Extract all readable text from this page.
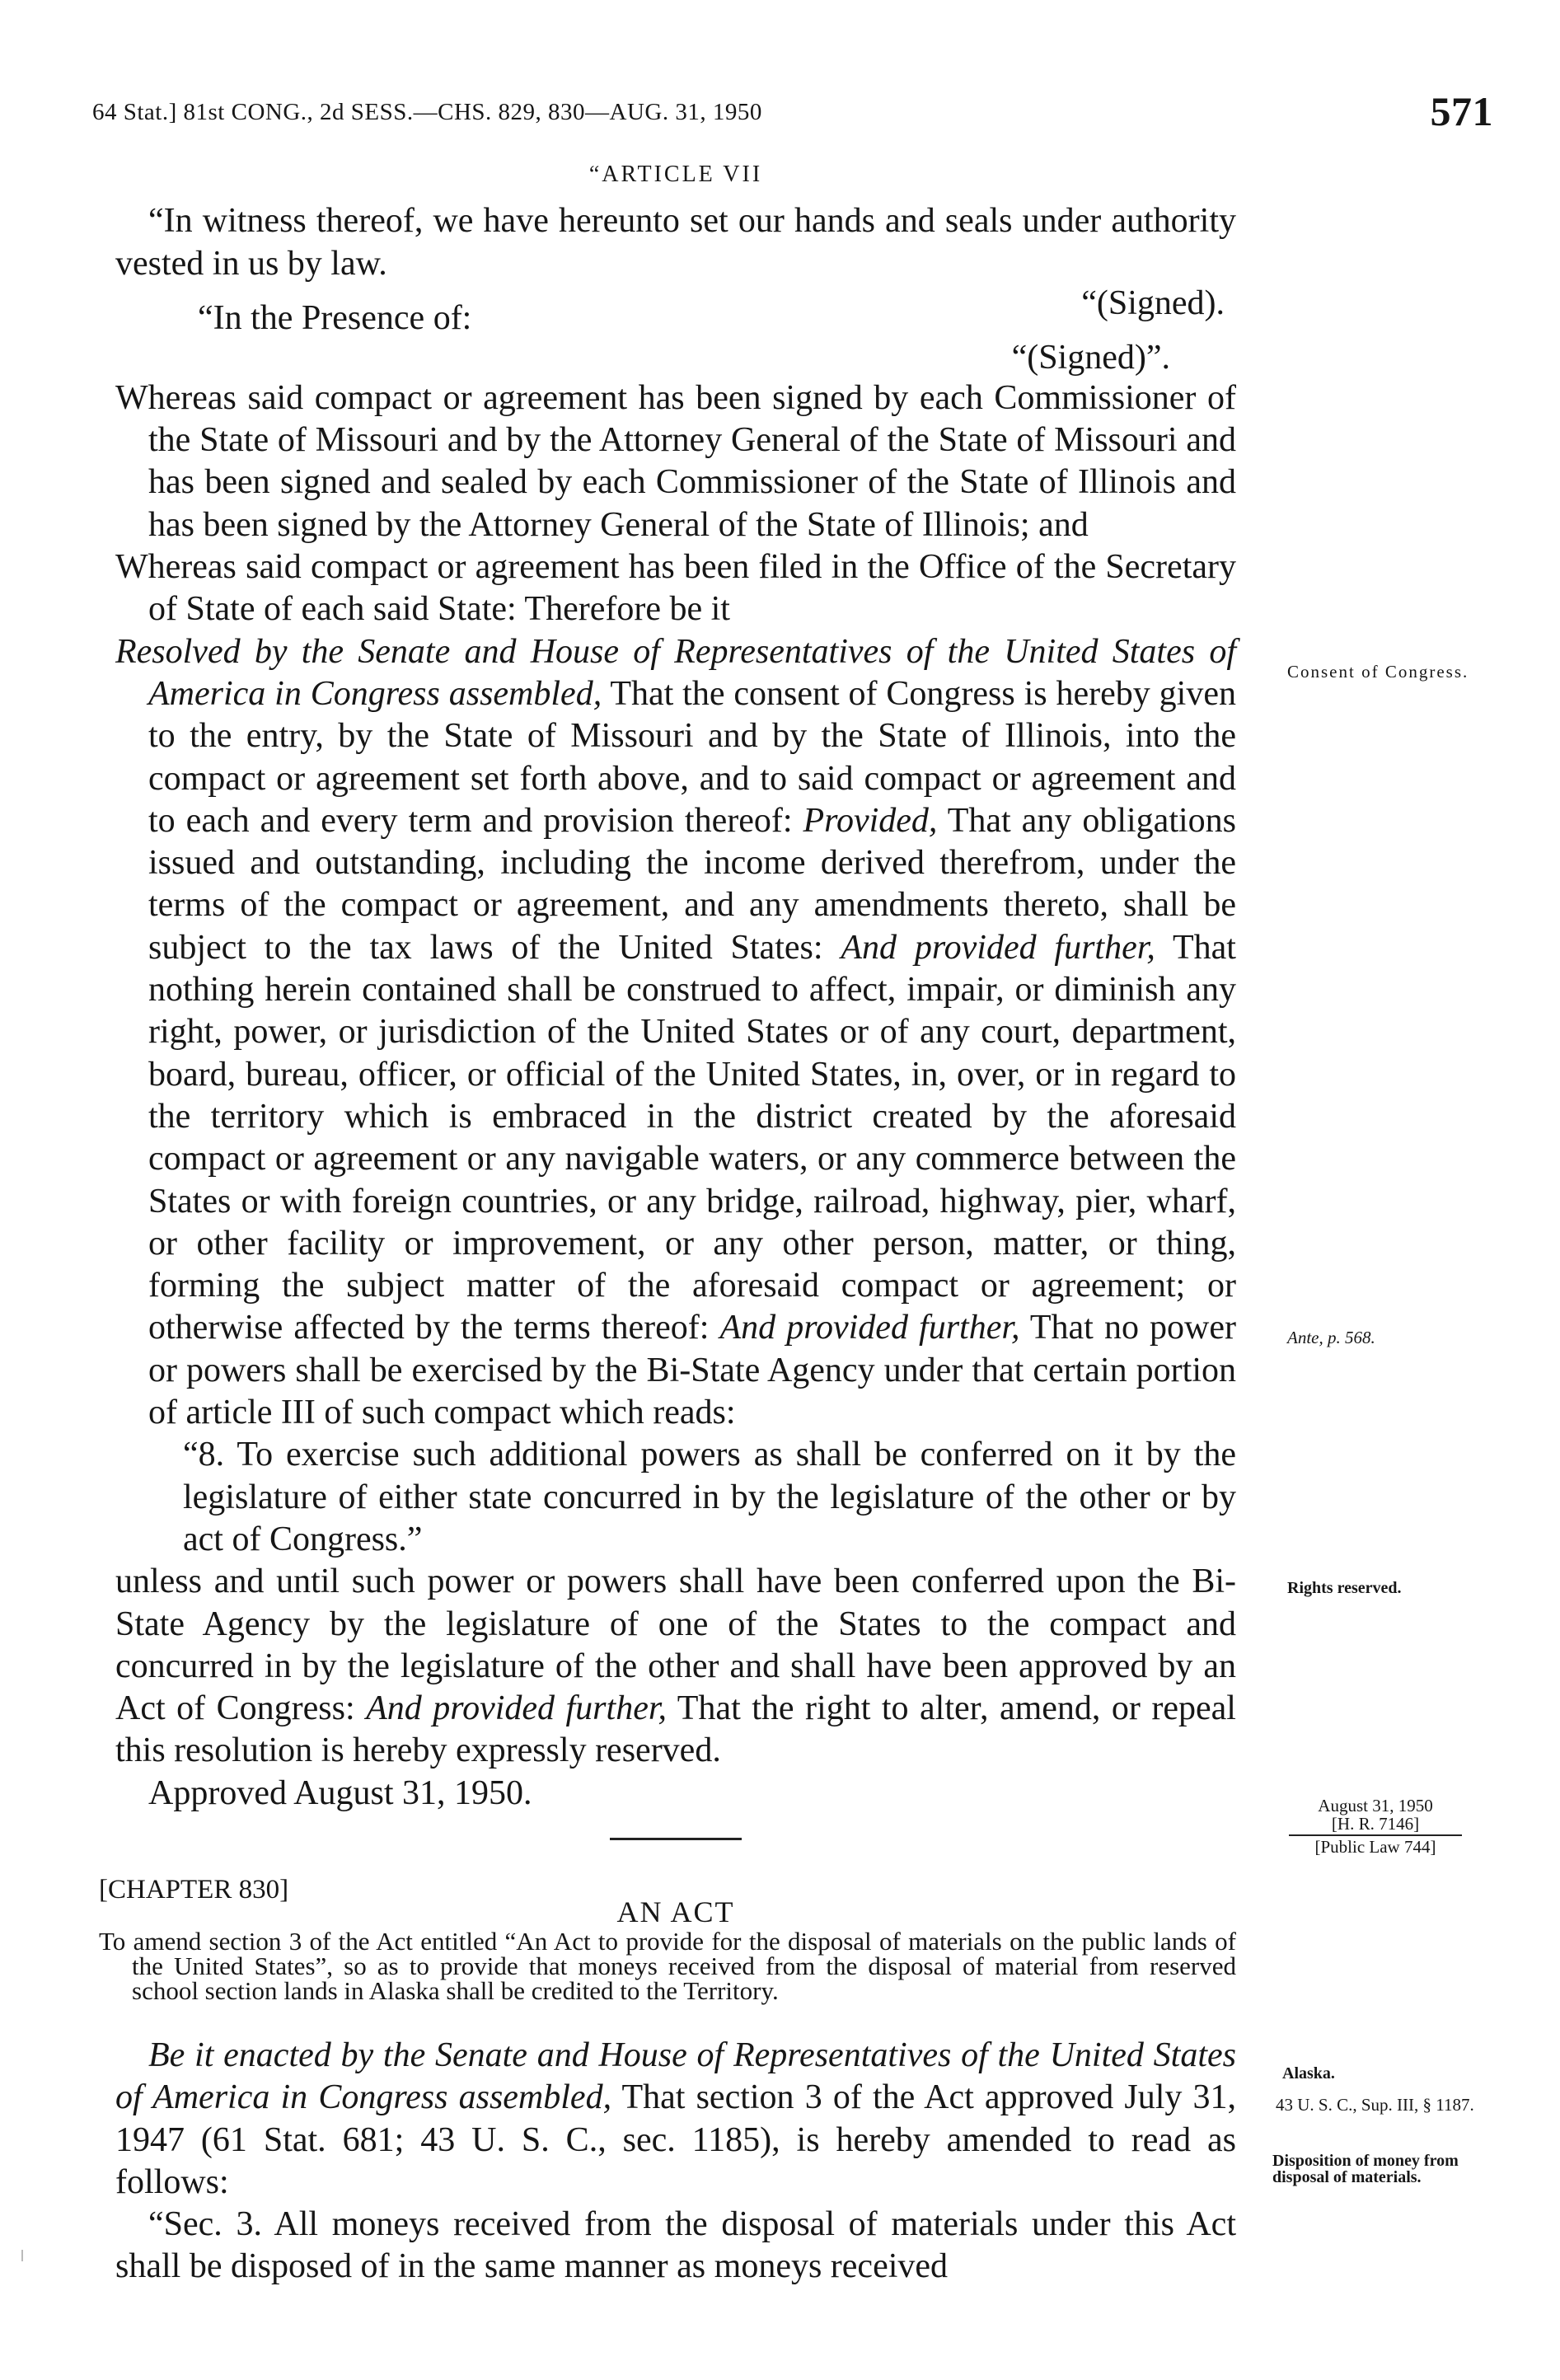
64 Stat.] 81st CONG., 2d SESS.—CHS. 829, 830—AUG. 31, 1950	571
“ARTICLE VII
“In witness thereof, we have hereunto set our hands and seals under authority vested in us by law.
“(Signed).
“In the Presence of:
“(Signed)”.
Whereas said compact or agreement has been signed by each Commissioner of the State of Missouri and by the Attorney General of the State of Missouri and has been signed and sealed by each Commissioner of the State of Illinois and has been signed by the Attorney General of the State of Illinois; and
Whereas said compact or agreement has been filed in the Office of the Secretary of State of each said State: Therefore be it
Resolved by the Senate and House of Representatives of the United States of America in Congress assembled, That the consent of Congress is hereby given to the entry, by the State of Missouri and by the State of Illinois, into the compact or agreement set forth above, and to said compact or agreement and to each and every term and provision thereof: Provided, That any obligations issued and outstanding, including the income derived therefrom, under the terms of the compact or agreement, and any amendments thereto, shall be subject to the tax laws of the United States: And provided further, That nothing herein contained shall be construed to affect, impair, or diminish any right, power, or jurisdiction of the United States or of any court, department, board, bureau, officer, or official of the United States, in, over, or in regard to the territory which is embraced in the district created by the aforesaid compact or agreement or any navigable waters, or any commerce between the States or with foreign countries, or any bridge, railroad, highway, pier, wharf, or other facility or improvement, or any other person, matter, or thing, forming the subject matter of the aforesaid compact or agreement; or otherwise affected by the terms thereof: And provided further, That no power or powers shall be exercised by the Bi-State Agency under that certain portion of article III of such compact which reads:
“8. To exercise such additional powers as shall be conferred on it by the legislature of either state concurred in by the legislature of the other or by act of Congress.”
unless and until such power or powers shall have been conferred upon the Bi-State Agency by the legislature of one of the States to the compact and concurred in by the legislature of the other and shall have been approved by an Act of Congress: And provided further, That the right to alter, amend, or repeal this resolution is hereby expressly reserved.
Approved August 31, 1950.
[CHAPTER 830]
AN ACT
To amend section 3 of the Act entitled “An Act to provide for the disposal of materials on the public lands of the United States”, so as to provide that moneys received from the disposal of material from reserved school section lands in Alaska shall be credited to the Territory.
Be it enacted by the Senate and House of Representatives of the United States of America in Congress assembled, That section 3 of the Act approved July 31, 1947 (61 Stat. 681; 43 U. S. C., sec. 1185), is hereby amended to read as follows:
“Sec. 3. All moneys received from the disposal of materials under this Act shall be disposed of in the same manner as moneys received
Consent of Congress.
Ante, p. 568.
Rights reserved.
August 31, 1950
[H. R. 7146]
[Public Law 744]
Alaska.
43 U. S. C., Sup. III, § 1187.
Disposition of money from disposal of materials.
